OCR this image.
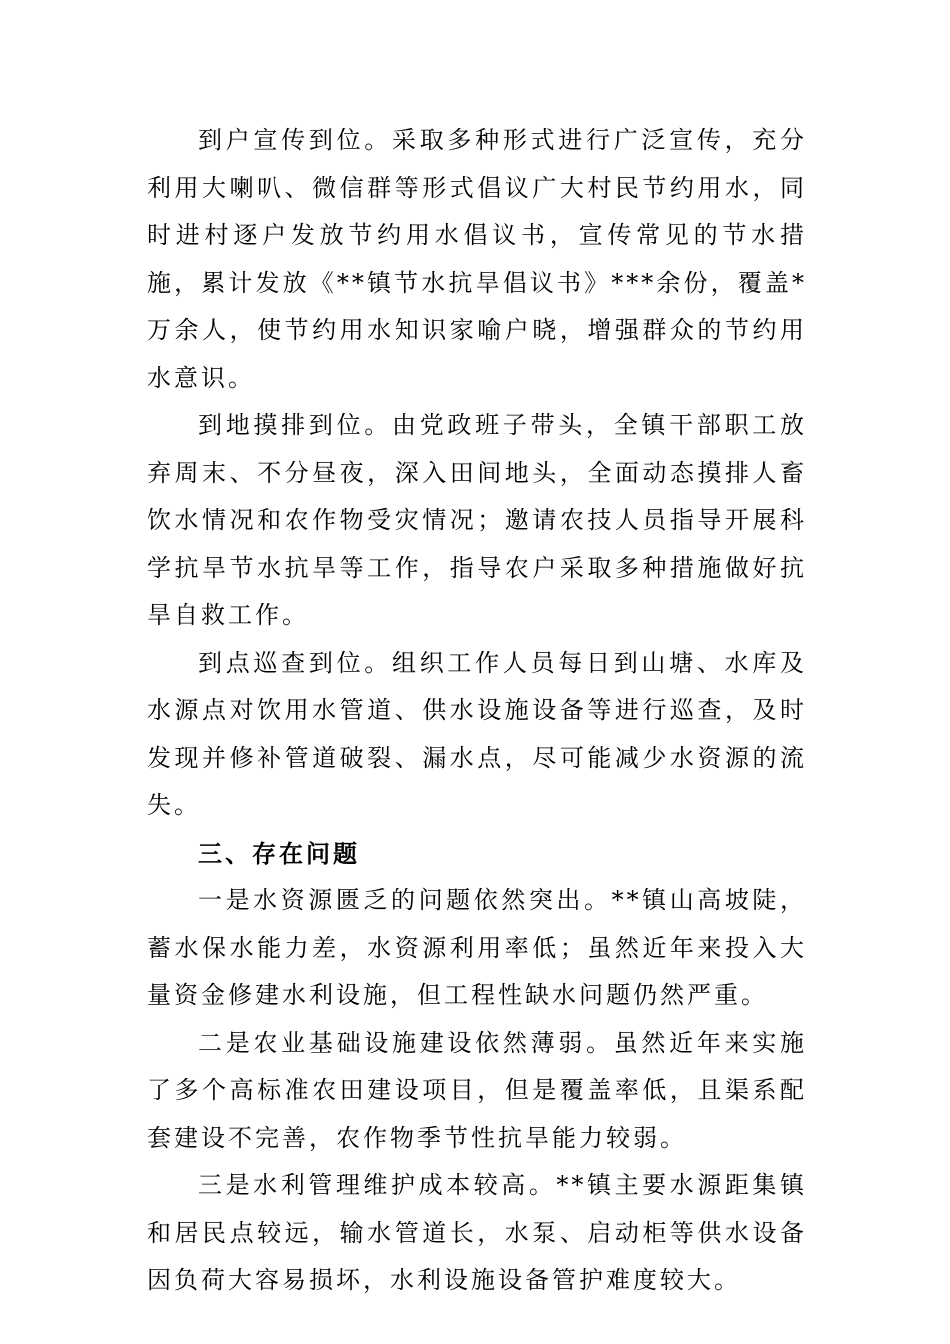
到户宣传到位。采取多种形式进行广泛宣传，充分利用大喇叭、微信群等形式倡议广大村民节约用水，同时进村逐户发放节约用水倡议书，宣传常见的节水措施，累计发放《**镇节水抗旱倡议书》***余份，覆盖*万余人，使节约用水知识家喻户晓，增强群众的节约用水意识。

到地摸排到位。由党政班子带头，全镇干部职工放弃周末、不分昼夜，深入田间地头，全面动态摸排人畜饮水情况和农作物受灾情况；邀请农技人员指导开展科学抗旱节水抗旱等工作，指导农户采取多种措施做好抗旱自救工作。

到点巡查到位。组织工作人员每日到山塘、水库及水源点对饮用水管道、供水设施设备等进行巡查，及时发现并修补管道破裂、漏水点，尽可能减少水资源的流失。

三、存在问题

一是水资源匮乏的问题依然突出。**镇山高坡陡，蓄水保水能力差，水资源利用率低；虽然近年来投入大量资金修建水利设施，但工程性缺水问题仍然严重。

二是农业基础设施建设依然薄弱。虽然近年来实施了多个高标准农田建设项目，但是覆盖率低，且渠系配套建设不完善，农作物季节性抗旱能力较弱。

三是水利管理维护成本较高。**镇主要水源距集镇和居民点较远，输水管道长，水泵、启动柜等供水设备因负荷大容易损坏，水利设施设备管护难度较大。
